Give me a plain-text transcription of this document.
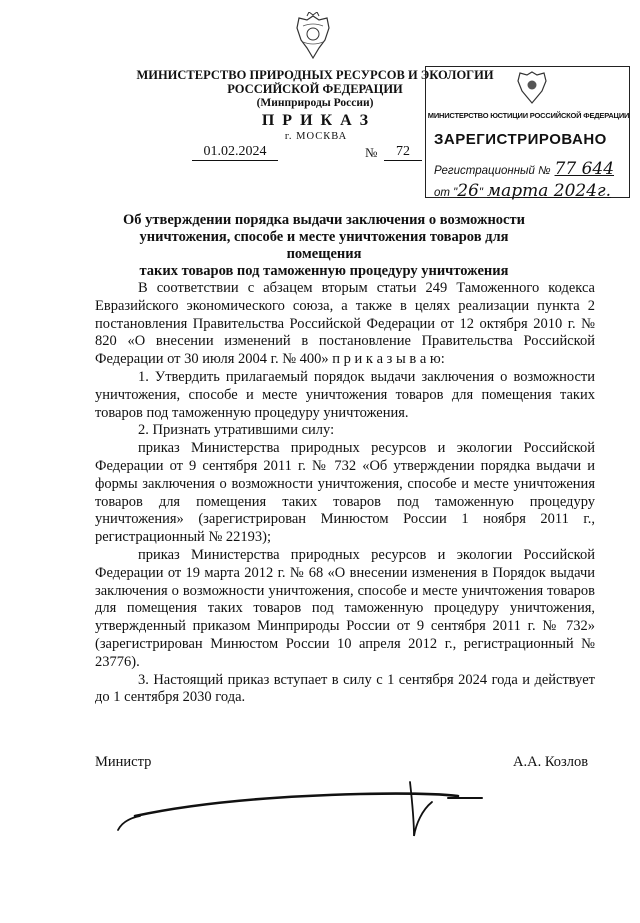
МИНИСТЕРСТВО ПРИРОДНЫХ РЕСУРСОВ И ЭКОЛОГИИ
РОССИЙСКОЙ ФЕДЕРАЦИИ
(Минприроды России)
П Р И К А З
г. МОСКВА
01.02.2024	№	72
МИНИСТЕРСТВО ЮСТИЦИИ РОССИЙСКОЙ ФЕДЕРАЦИИ
ЗАРЕГИСТРИРОВАНО
Регистрационный № 77 644
от "26" марта 2024г.
Об утверждении порядка выдачи заключения о возможности
уничтожения, способе и месте уничтожения товаров для помещения
таких товаров под таможенную процедуру уничтожения

В соответствии с абзацем вторым статьи 249 Таможенного кодекса Евразийского экономического союза, а также в целях реализации пункта 2 постановления Правительства Российской Федерации от 12 октября 2010 г. № 820 «О внесении изменений в постановление Правительства Российской Федерации от 30 июля 2004 г. № 400» п р и к а з ы в а ю:

1. Утвердить прилагаемый порядок выдачи заключения о возможности уничтожения, способе и месте уничтожения товаров для помещения таких товаров под таможенную процедуру уничтожения.

2. Признать утратившими силу:

приказ Министерства природных ресурсов и экологии Российской Федерации от 9 сентября 2011 г. № 732 «Об утверждении порядка выдачи и формы заключения о возможности уничтожения, способе и месте уничтожения товаров для помещения таких товаров под таможенную процедуру уничтожения» (зарегистрирован Минюстом России 1 ноября 2011 г., регистрационный № 22193);

приказ Министерства природных ресурсов и экологии Российской Федерации от 19 марта 2012 г. № 68 «О внесении изменения в Порядок выдачи заключения о возможности уничтожения, способе и месте уничтожения товаров для помещения таких товаров под таможенную процедуру уничтожения, утвержденный приказом Минприроды России от 9 сентября 2011 г. № 732» (зарегистрирован Минюстом России 10 апреля 2012 г., регистрационный № 23776).

3. Настоящий приказ вступает в силу с 1 сентября 2024 года и действует до 1 сентября 2030 года.

Министр	А.А. Козлов
